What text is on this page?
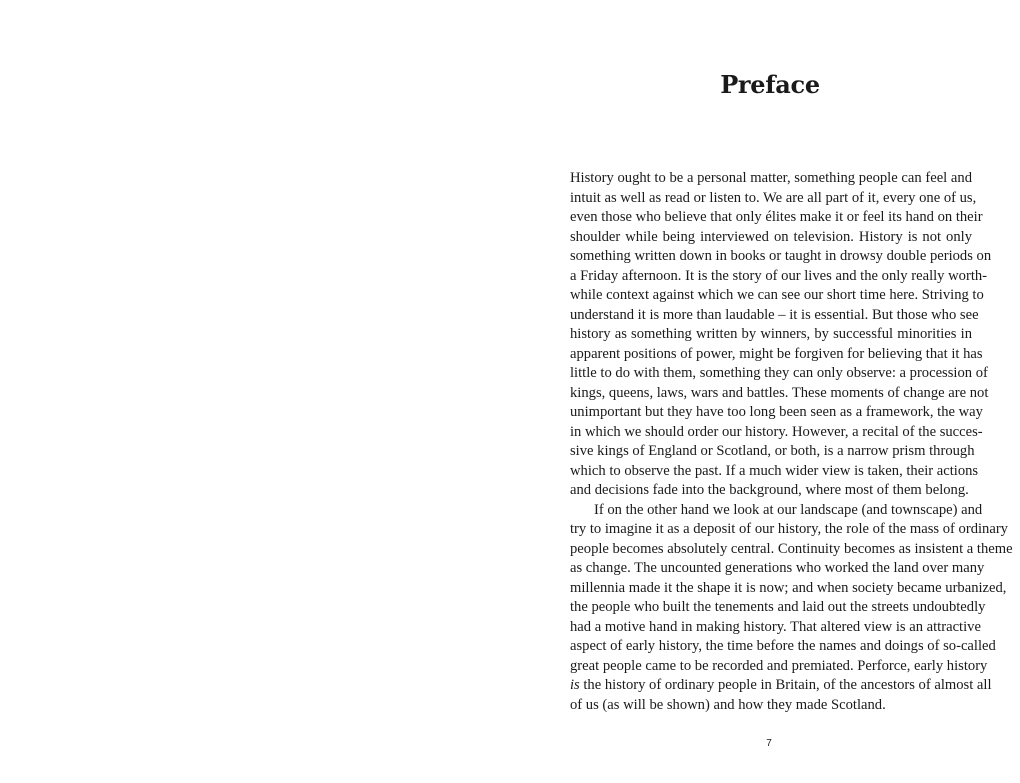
Preface
History ought to be a personal matter, something people can feel and
intuit as well as read or listen to. We are all part of it, every one of us,
even those who believe that only élites make it or feel its hand on their
shoulder while being interviewed on television. History is not only
something written down in books or taught in drowsy double periods on
a Friday afternoon. It is the story of our lives and the only really worth-
while context against which we can see our short time here. Striving to
understand it is more than laudable – it is essential. But those who see
history as something written by winners, by successful minorities in
apparent positions of power, might be forgiven for believing that it has
little to do with them, something they can only observe: a procession of
kings, queens, laws, wars and battles. These moments of change are not
unimportant but they have too long been seen as a framework, the way
in which we should order our history. However, a recital of the succes-
sive kings of England or Scotland, or both, is a narrow prism through
which to observe the past. If a much wider view is taken, their actions
and decisions fade into the background, where most of them belong.
If on the other hand we look at our landscape (and townscape) and
try to imagine it as a deposit of our history, the role of the mass of ordinary
people becomes absolutely central. Continuity becomes as insistent a theme
as change. The uncounted generations who worked the land over many
millennia made it the shape it is now; and when society became urbanized,
the people who built the tenements and laid out the streets undoubtedly
had a motive hand in making history. That altered view is an attractive
aspect of early history, the time before the names and doings of so-called
great people came to be recorded and premiated. Perforce, early history
is the history of ordinary people in Britain, of the ancestors of almost all
of us (as will be shown) and how they made Scotland.
7
